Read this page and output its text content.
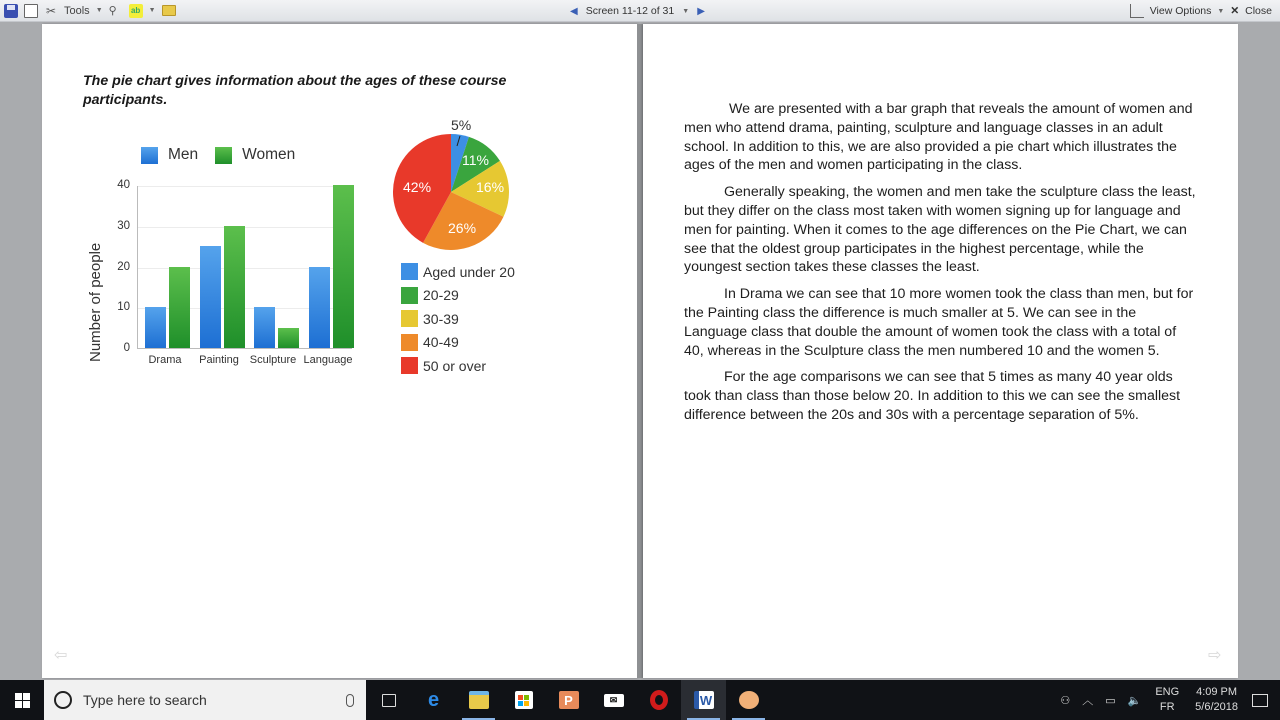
✂ Tools ▼ ⚲	ab	▼	◀ Screen 11-12 of 31 ▼ ▶	View Options ▼ ✕ Close
The pie chart gives information about the ages of these course participants.
Men	Women
Number of people
40
30
20
10
0
Drama	Painting Sculpture Language
5%
11%
16%
26%
42%
Aged under 20
20-29
30-39
40-49
50 or over
⇦

We are presented with a bar graph that reveals the amount of women and men who attend drama, painting, sculpture and language classes in an adult school. In addition to this, we are also provided a pie chart which illustrates the ages of the men and women participating in the class.

Generally speaking, the women and men take the sculpture class the least, but they differ on the class most taken with women signing up for language and men for painting. When it comes to the age differences on the Pie Chart, we can see that the oldest group participates in the highest percentage, while the youngest section takes these classes the least.

In Drama we can see that 10 more women took the class than men, but for the Painting class the difference is much smaller at 5. We can see in the Language class that double the amount of women took the class with a total of 40, whereas in the Sculpture class the men numbered 10 and the women 5.

For the age comparisons we can see that 5 times as many 40 year olds took than class than those below 20. In addition to this we can see the smallest difference between the 20s and 30s with a percentage separation of 5%.

⇨
Type here to search	e	P	✉	W	⚇ ︿ ▭ 🔈
ENG
FR
4:09 PM
5/6/2018
